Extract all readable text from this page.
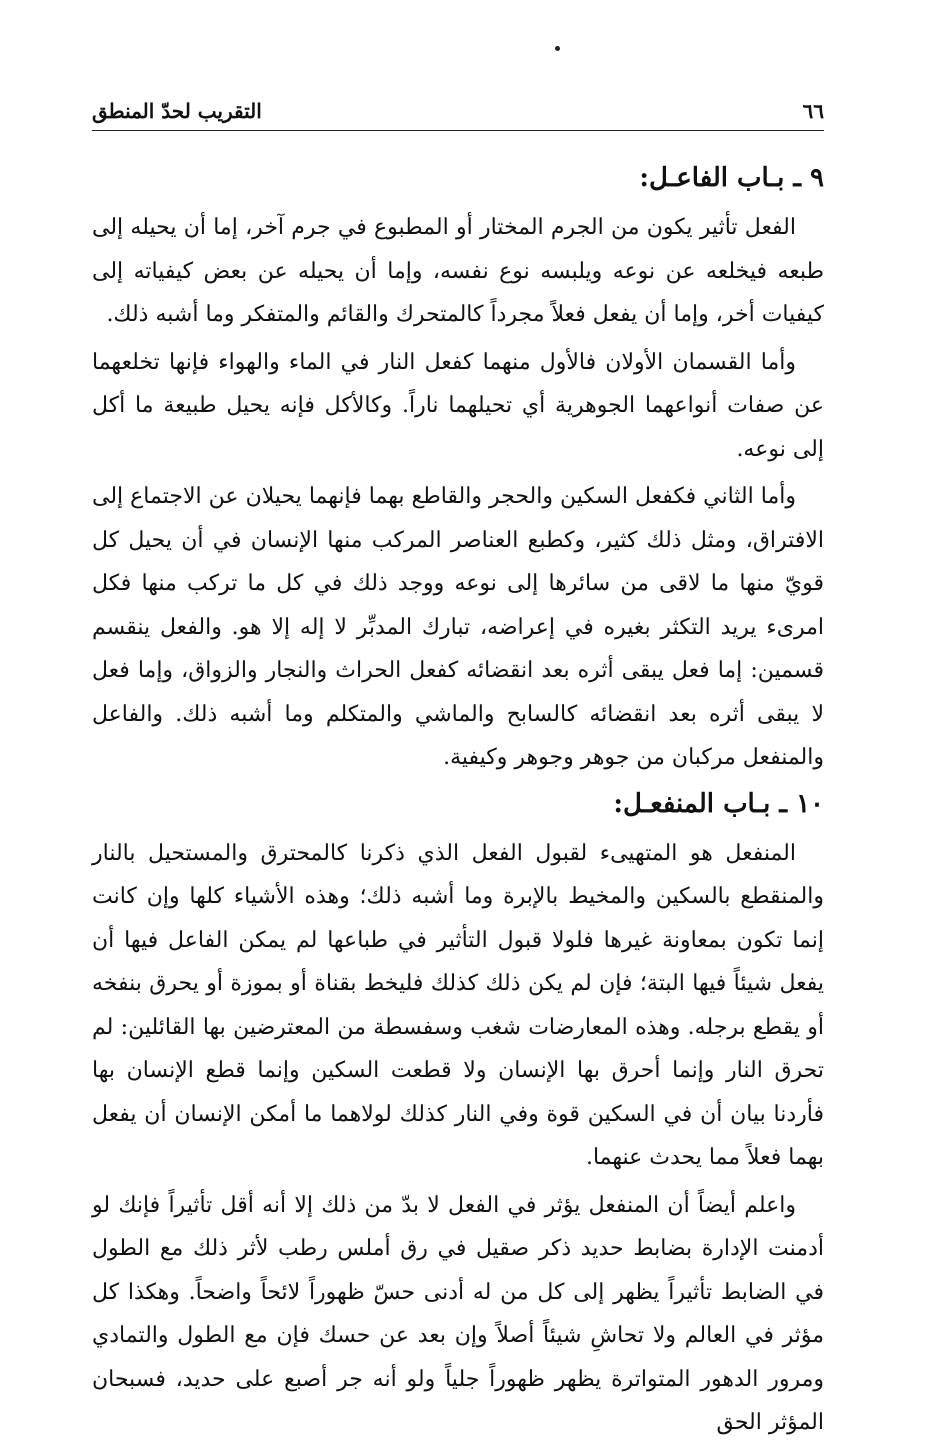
٦٦
التقريب لحدّ المنطق
٩ ـ بـاب الفاعـل:

الفعل تأثير يكون من الجرم المختار أو المطبوع في جرم آخر، إما أن يحيله إلى طبعه فيخلعه عن نوعه ويلبسه نوع نفسه، وإما أن يحيله عن بعض كيفياته إلى كيفيات أخر، وإما أن يفعل فعلاً مجرداً كالمتحرك والقائم والمتفكر وما أشبه ذلك.

وأما القسمان الأولان فالأول منهما كفعل النار في الماء والهواء فإنها تخلعهما عن صفات أنواعهما الجوهرية أي تحيلهما ناراً. وكالأكل فإنه يحيل طبيعة ما أكل إلى نوعه.

وأما الثاني فكفعل السكين والحجر والقاطع بهما فإنهما يحيلان عن الاجتماع إلى الافتراق، ومثل ذلك كثير، وكطبع العناصر المركب منها الإنسان في أن يحيل كل قويّ منها ما لاقى من سائرها إلى نوعه ووجد ذلك في كل ما تركب منها فكل امرىء يريد التكثر بغيره في إعراضه، تبارك المدبِّر لا إله إلا هو. والفعل ينقسم قسمين: إما فعل يبقى أثره بعد انقضائه كفعل الحراث والنجار والزواق، وإما فعل لا يبقى أثره بعد انقضائه كالسابح والماشي والمتكلم وما أشبه ذلك. والفاعل والمنفعل مركبان من جوهر وجوهر وكيفية.

١٠ ـ بـاب المنفعـل:

المنفعل هو المتهيىء لقبول الفعل الذي ذكرنا كالمحترق والمستحيل بالنار والمنقطع بالسكين والمخيط بالإبرة وما أشبه ذلك؛ وهذه الأشياء كلها وإن كانت إنما تكون بمعاونة غيرها فلولا قبول التأثير في طباعها لم يمكن الفاعل فيها أن يفعل شيئاً فيها البتة؛ فإن لم يكن ذلك كذلك فليخط بقناة أو بموزة أو يحرق بنفخه أو يقطع برجله. وهذه المعارضات شغب وسفسطة من المعترضين بها القائلين: لم تحرق النار وإنما أحرق بها الإنسان ولا قطعت السكين وإنما قطع الإنسان بها فأردنا بيان أن في السكين قوة وفي النار كذلك لولاهما ما أمكن الإنسان أن يفعل بهما فعلاً مما يحدث عنهما.

واعلم أيضاً أن المنفعل يؤثر في الفعل لا بدّ من ذلك إلا أنه أقل تأثيراً فإنك لو أدمنت الإدارة بضابط حديد ذكر صقيل في رق أملس رطب لأثر ذلك مع الطول في الضابط تأثيراً يظهر إلى كل من له أدنى حسّ ظهوراً لائحاً واضحاً. وهكذا كل مؤثر في العالم ولا تحاشِ شيئاً أصلاً وإن بعد عن حسك فإن مع الطول والتمادي ومرور الدهور المتواترة يظهر ظهوراً جلياً ولو أنه جر أصبع على حديد، فسبحان المؤثر الحق
